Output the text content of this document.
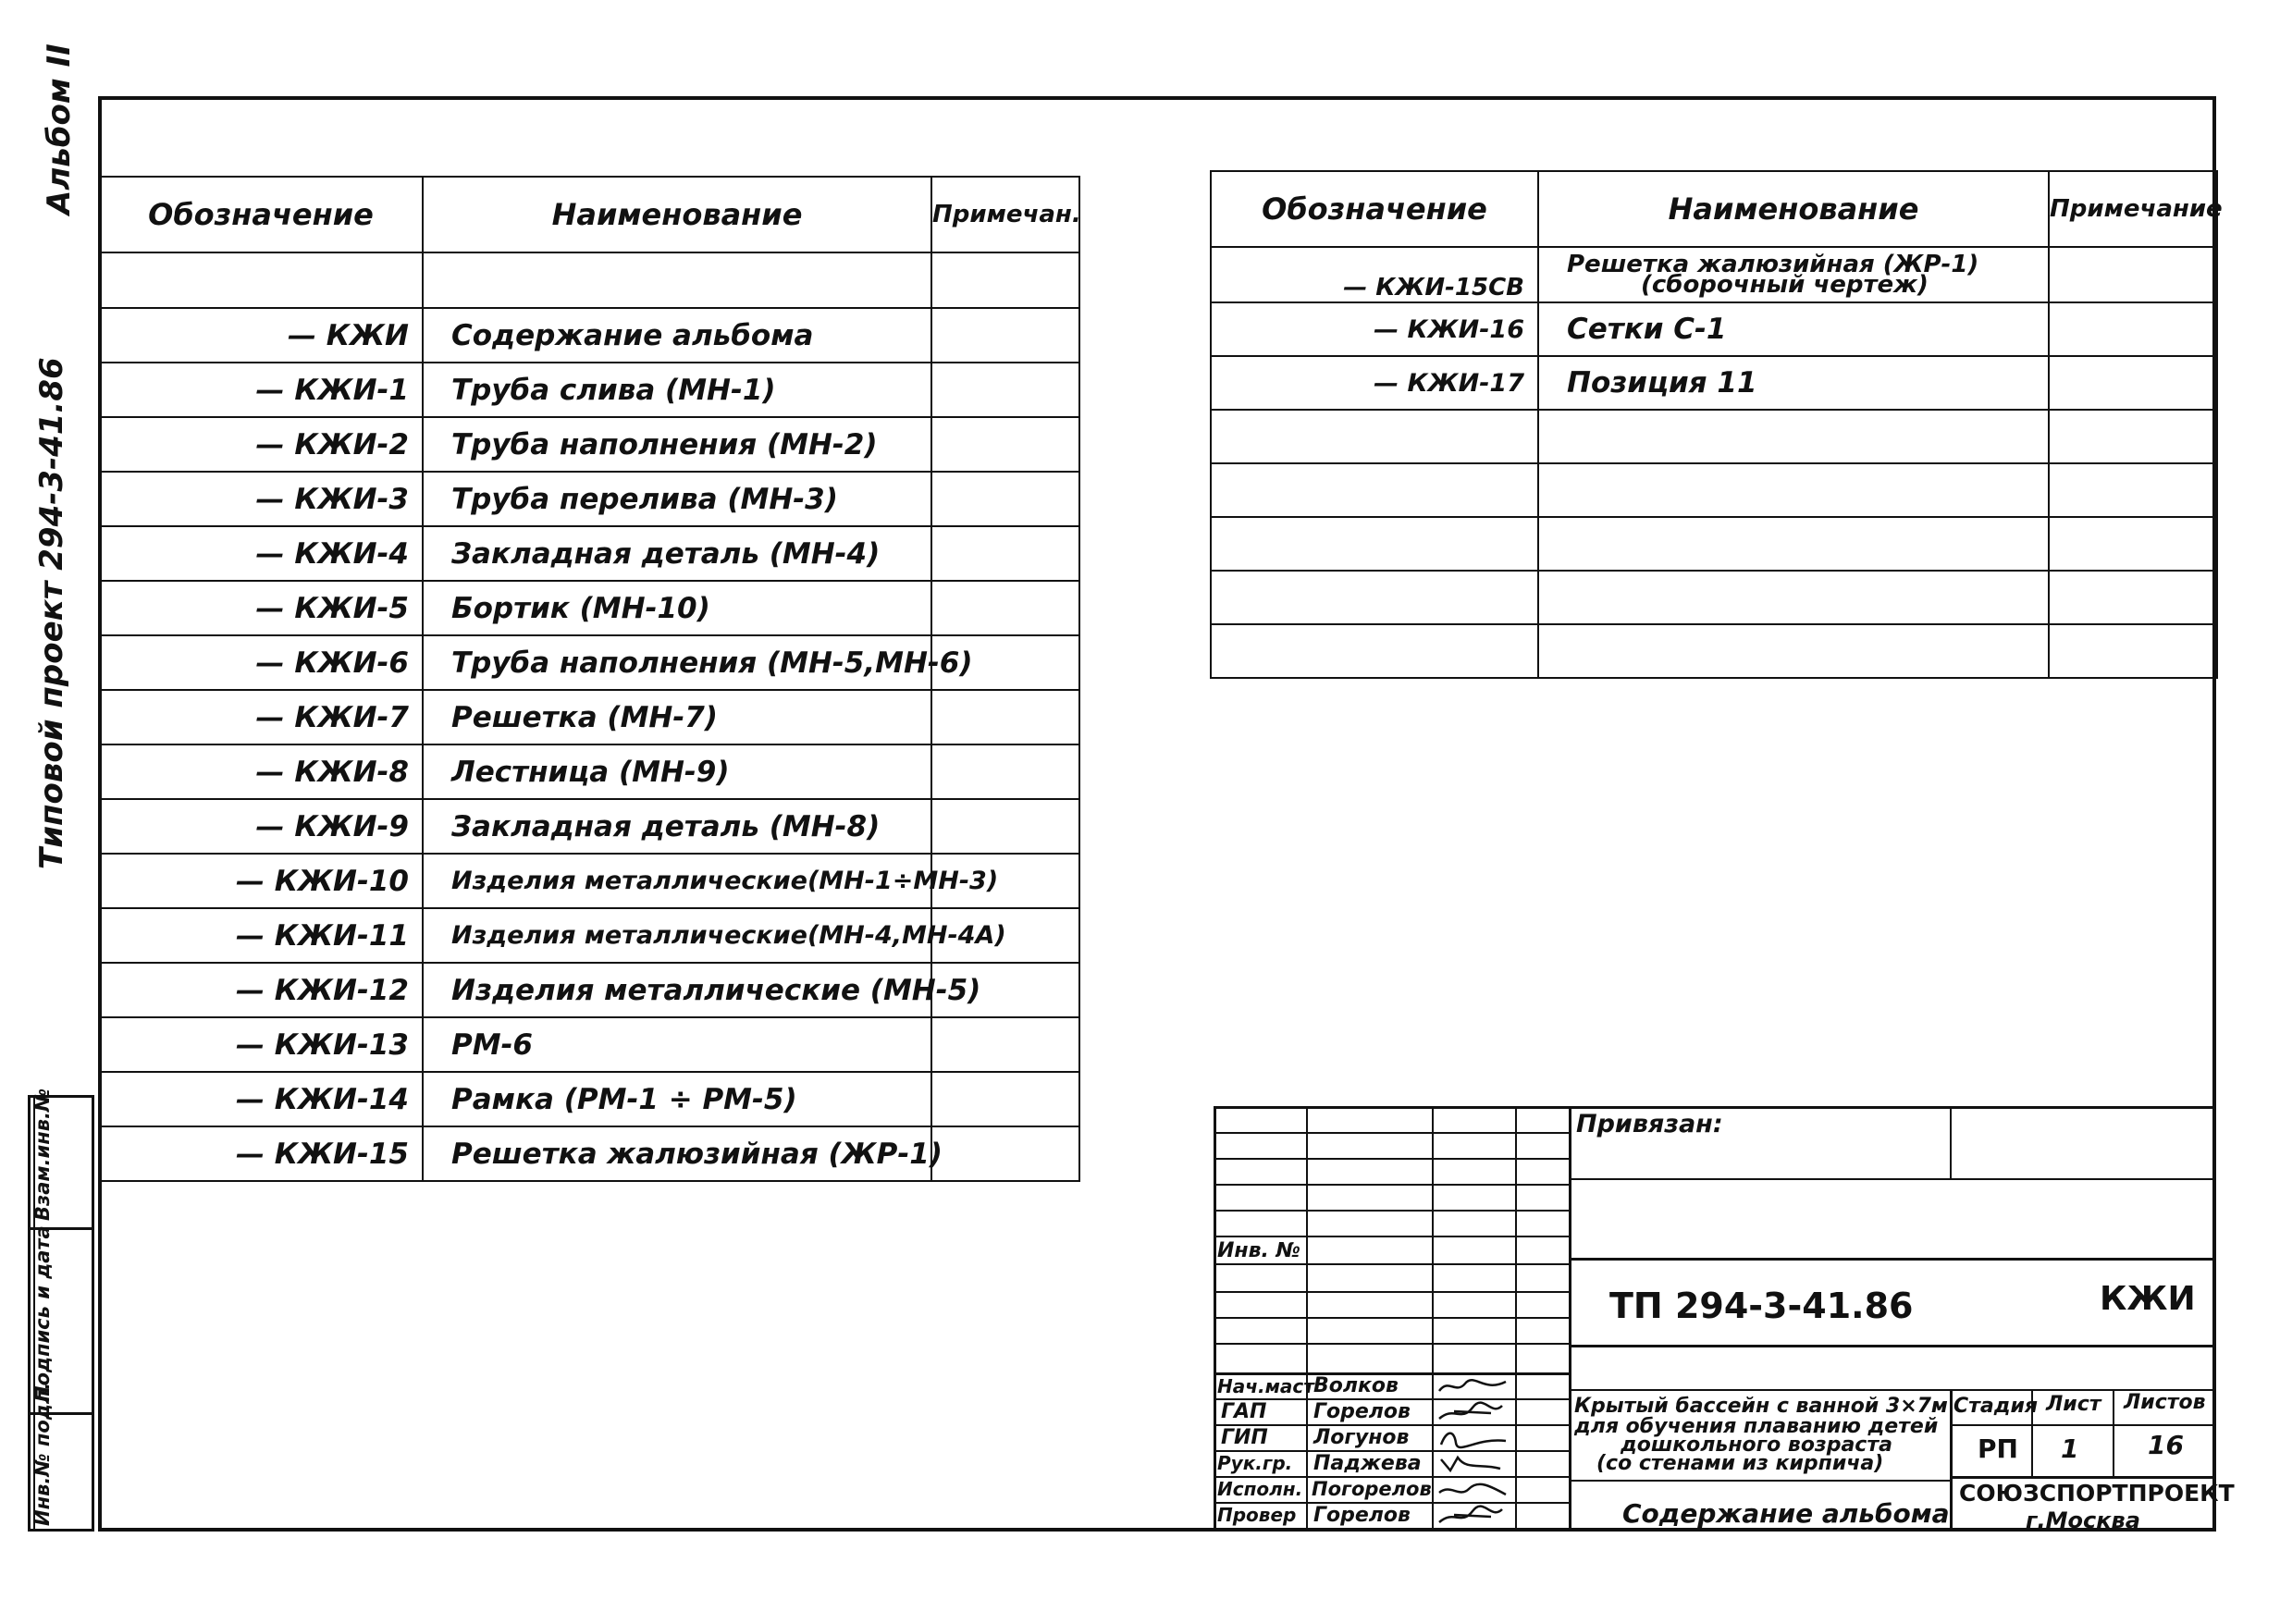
Альбом II
Типовой проект 294-3-41.86
Взам.инв.№
Подпись и дата
Инв.№ подл.
Обозначение	Наименование	Примечан.

— КЖИ	Содержание альбома	
— КЖИ-1	Труба слива (МН-1)	
— КЖИ-2	Труба наполнения (МН-2)	
— КЖИ-3	Труба перелива (МН-3)	
— КЖИ-4	Закладная деталь (МН-4)	
— КЖИ-5	Бортик (МН-10)	
— КЖИ-6	Труба наполнения (МН-5,МН-6)	
— КЖИ-7	Решетка (МН-7)	
— КЖИ-8	Лестница (МН-9)	
— КЖИ-9	Закладная деталь (МН-8)	
— КЖИ-10	Изделия металлические(МН-1÷МН-3)	
— КЖИ-11	Изделия металлические(МН-4,МН-4А)	
— КЖИ-12	Изделия металлические (МН-5)	
— КЖИ-13	РМ-6	
— КЖИ-14	Рамка (РМ-1 ÷ РМ-5)	
— КЖИ-15	Решетка жалюзийная (ЖР-1)	
Обозначение	Наименование	Примечание
— КЖИ-15СВ	Решетка жалюзийная (ЖР-1)
(сборочный чертеж)	

— КЖИ-16	Сетки С-1	
— КЖИ-17	Позиция 11	

Привязан:
Инв. №
ТП 294-3-41.86	КЖИ
Нач.маст Волков
ГАП Горелов
ГИП Логунов
Рук.гр. Паджева
Исполн. Погорелов
Провер Горелов
Крытый бассейн с ванной 3×7м
для обучения плаванию детей
дошкольного возраста
(со стенами из кирпича)
Содержание альбома
Стадия Лист Листов
РП 1	16
СОЮЗСПОРТПРОЕКТ
г.Москва
